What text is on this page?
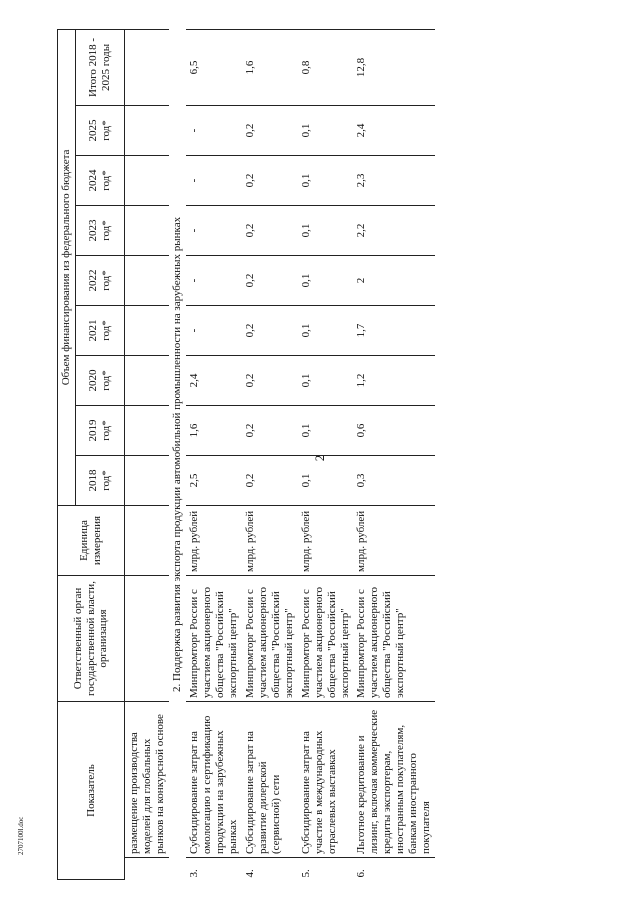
2
2707100l.doc
Показатель		Ответственный орган государственной власти, организация	Единица измерения	Объем финансирования из федерального бюджета								
				2018 год*	2019 год*	2020 год*	2021 год*	2022 год*	2023 год*	2024 год*	2025 год*	Итого 2018 - 2025 годы
	размещение производства моделей для глобальных рынков на конкурсной основе											
2. Поддержка развития экспорта продукции автомобильной промышленности на зарубежных рынках												
3.	Субсидирование затрат на омологацию и сертификацию продукции на зарубежных рынках	Минпромторг России с участием акционерного общества "Российский экспортный центр"	млрд. рублей	2,5	1,6	2,4	-	-	-	-	-	6,5
4.	Субсидирование затрат на развитие дилерской (сервисной) сети	Минпромторг России с участием акционерного общества "Российский экспортный центр"	млрд. рублей	0,2	0,2	0,2	0,2	0,2	0,2	0,2	0,2	1,6
5.	Субсидирование затрат на участие в международных отраслевых выставках	Минпромторг России с участием акционерного общества "Российский экспортный центр"	млрд. рублей	0,1	0,1	0,1	0,1	0,1	0,1	0,1	0,1	0,8
6.	Льготное кредитование и лизинг, включая коммерческие кредиты экспортерам, иностранным покупателям, банкам иностранного покупателя	Минпромторг России с участием акционерного общества "Российский экспортный центр"	млрд. рублей	0,3	0,6	1,2	1,7	2	2,2	2,3	2,4	12,8
